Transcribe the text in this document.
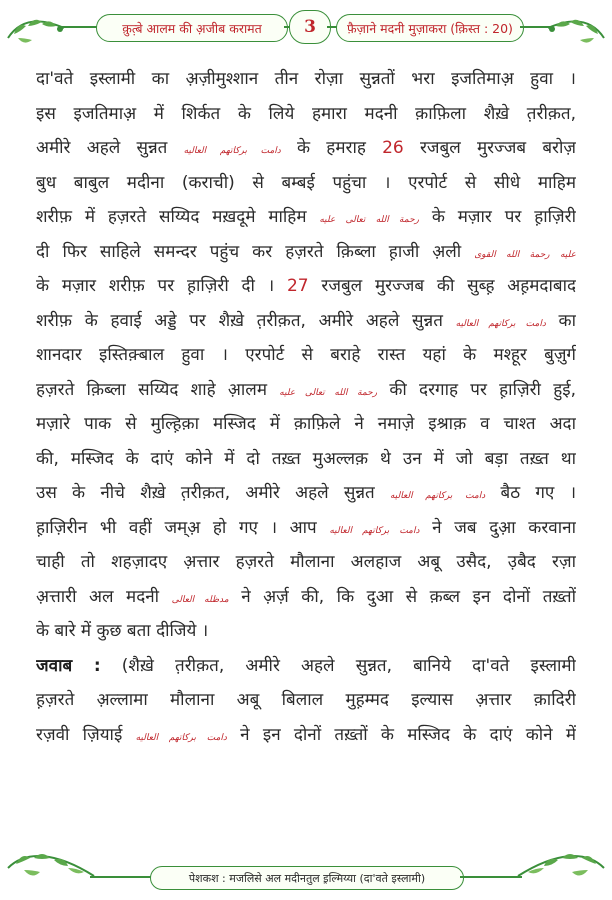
क़ुत़्बे आलम की अ़जीब करामत	3	फ़ैज़ाने मदनी मुज़ाकरा (क़िस्त : 20)
दा'वते इस्लामी का अ़ज़ीमुश्शान तीन रोज़ा सुन्नतों भरा इजतिमाअ़ हुवा ।
इस इजतिमाअ़ में शिर्कत के लिये हमारा मदनी क़ाफ़िला शैख़े त़रीक़त,
अमीरे अहले सुन्नत دامت برکاتهم العالیه के हमराह 26 रजबुल मुरज्जब बरोज़
बुध बाबुल मदीना (कराची) से बम्बई पहुंचा । एरपोर्ट से सीधे माहिम
शरीफ़ में हज़रते सय्यिद मख़दूमे माहिम رحمة الله تعالی علیه के मज़ार पर ह़ाज़िरी
दी फिर साहिले समन्दर पहुंच कर हज़रते क़िब्ला ह़ाजी अ़ली علیه رحمة الله القوی
के मज़ार शरीफ़ पर ह़ाज़िरी दी । 27 रजबुल मुरज्जब की सुब्ह़ अह़मदाबाद
शरीफ़ के हवाई अड्डे पर शैख़े त़रीक़त, अमीरे अहले सुन्नत دامت برکاتهم العالیه का
शानदार इस्तिक़्बाल हुवा । एरपोर्ट से बराहे रास्त यहां के मश्हूर बुज़ुर्ग
हज़रते क़िब्ला सय्यिद शाहे आ़लम رحمة الله تعالی علیه की दरगाह पर ह़ाज़िरी हुई,
मज़ारे पाक से मुल्ह़िक़ा मस्जिद में क़ाफ़िले ने नमाज़े इश्राक़ व चाश्त अदा
की, मस्जिद के दाएं कोने में दो तख़्त मुअल्लक़ थे उन में जो बड़ा तख़्त था
उस के नीचे शैख़े त़रीक़त, अमीरे अहले सुन्नत دامت برکاتهم العالیه बैठ गए ।
ह़ाज़िरीन भी वहीं जम्अ़ हो गए । आप دامت برکاتهم العالیه ने जब दुआ़ करवाना
चाही तो शहज़ादए अ़त्तार हज़रते मौलाना अलहाज अबू उसैद, उ़बैद रज़ा
अ़त्तारी अल मदनी مدظله العالی ने अ़र्ज़ की, कि दुआ से क़ब्ल इन दोनों तख़्तों
के बारे में कुछ बता दीजिये ।
जवाब : (शैख़े त़रीक़त, अमीरे अहले सुन्नत, बानिये दा'वते इस्लामी
ह़ज़रते अ़ल्लामा मौलाना अबू बिलाल मुह़म्मद इल्यास अ़त्तार क़ादिरी
रज़वी ज़ियाई دامت برکاتهم العالیه ने इन दोनों तख़्तों के मस्जिद के दाएं कोने में
पेशकश : मजलिसे अल मदीनतुल इ़ल्मिय्या (दा'वते इस्लामी)
